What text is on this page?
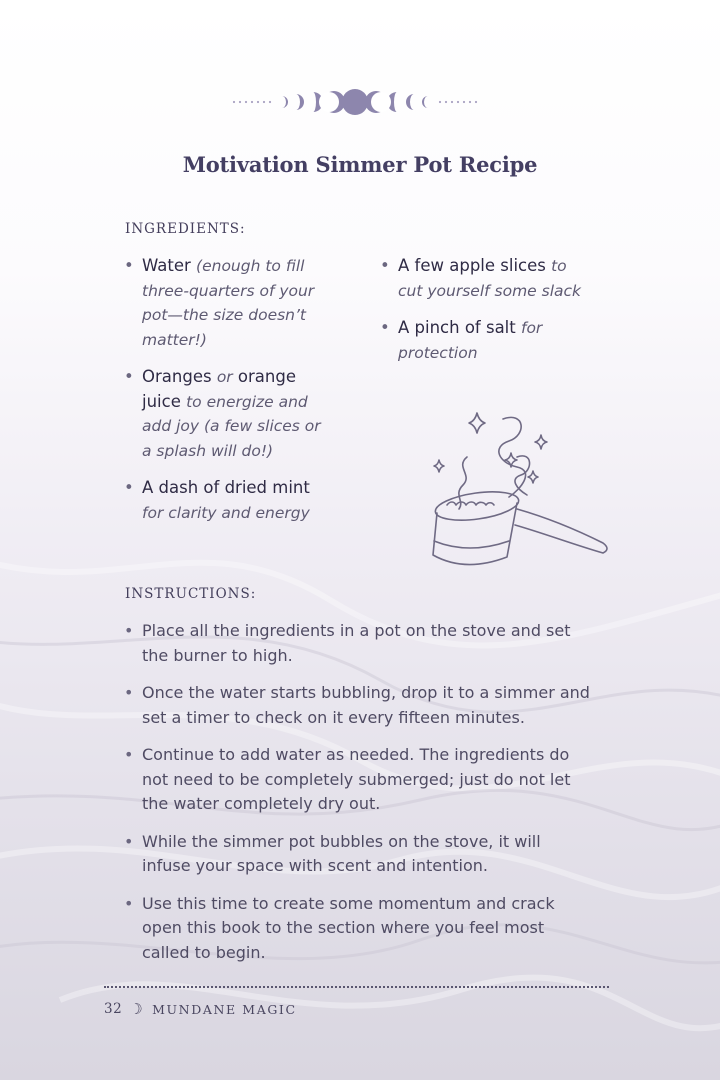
Motivation Simmer Pot Recipe
INGREDIENTS:
• Water (enough to fill three-quarters of your pot—the size doesn’t matter!)
• Oranges or orange juice to energize and add joy (a few slices or a splash will do!)
• A dash of dried mint for clarity and energy
• A few apple slices to cut yourself some slack
• A pinch of salt for protection
INSTRUCTIONS:
• Place all the ingredients in a pot on the stove and set the burner to high.
• Once the water starts bubbling, drop it to a simmer and set a timer to check on it every fifteen minutes.
• Continue to add water as needed. The ingredients do not need to be completely submerged; just do not let the water completely dry out.
• While the simmer pot bubbles on the stove, it will infuse your space with scent and intention.
• Use this time to create some momentum and crack open this book to the section where you feel most called to begin.
32 ☽ MUNDANE MAGIC
